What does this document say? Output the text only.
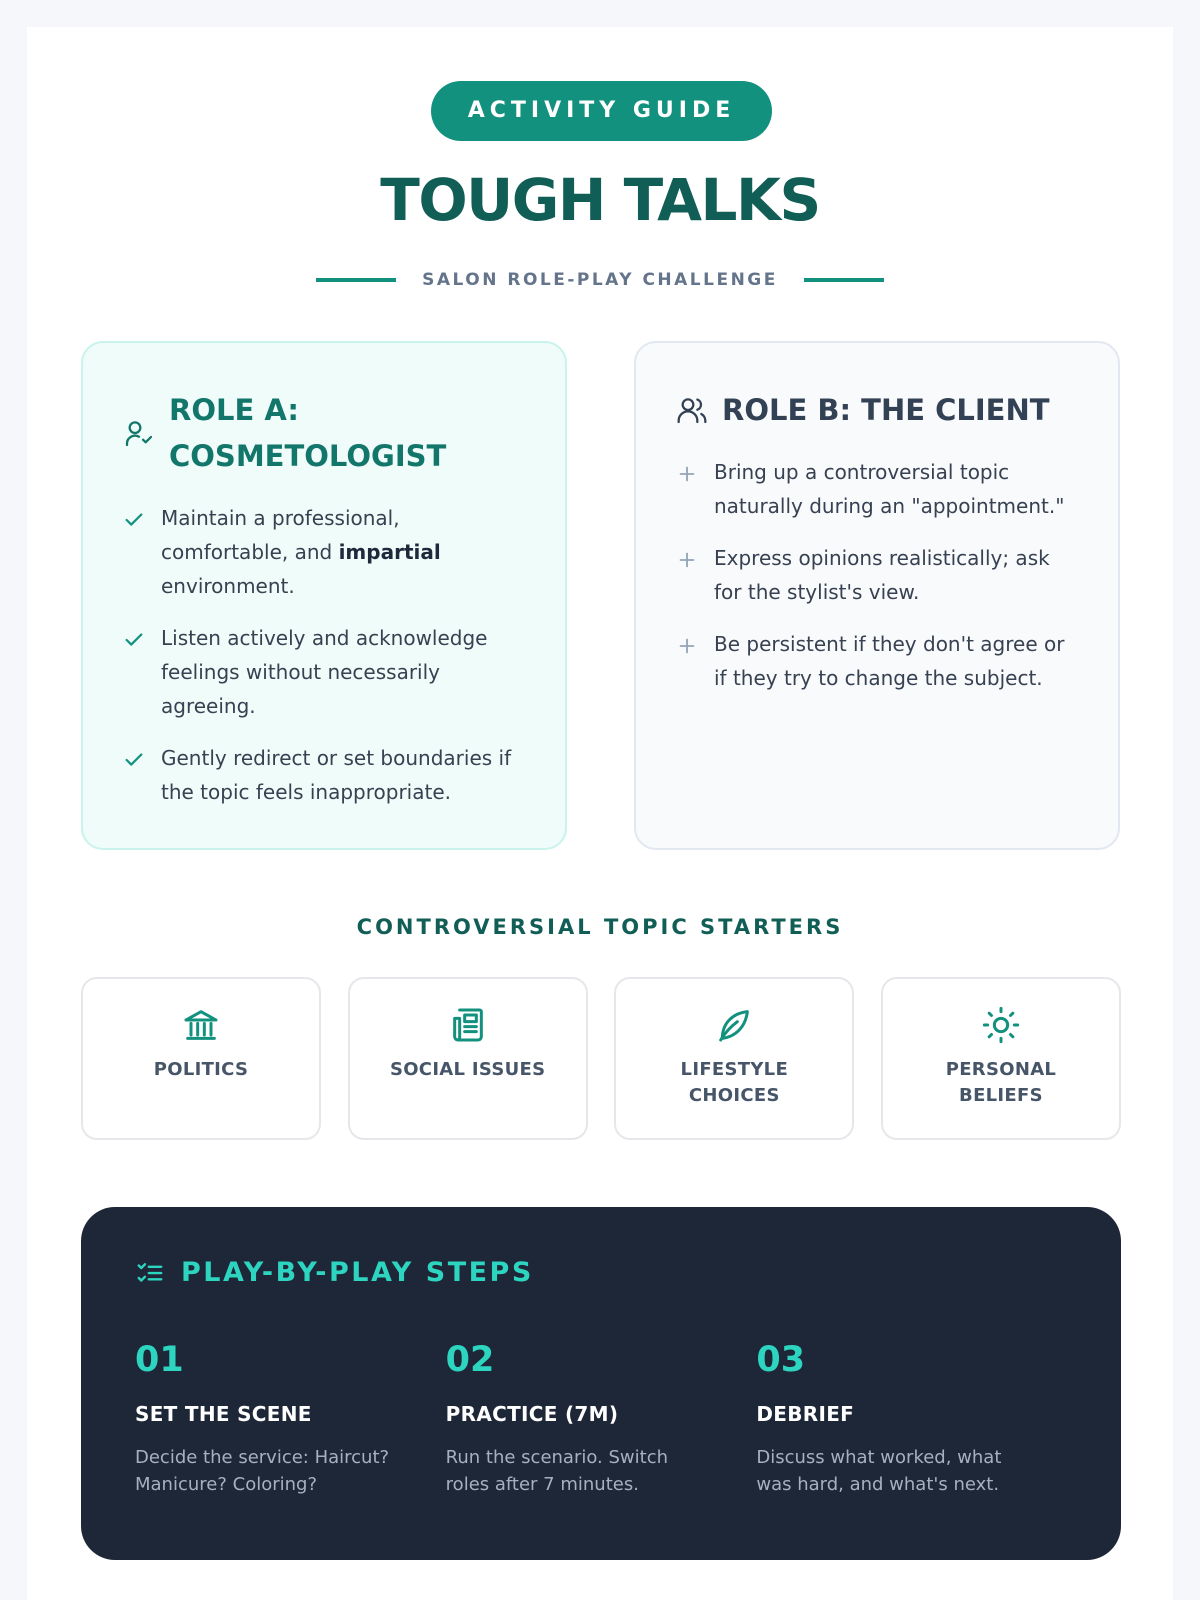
ACTIVITY GUIDE
TOUGH TALKS
SALON ROLE-PLAY CHALLENGE
ROLE A:
COSMETOLOGIST
Maintain a professional, comfortable, and impartial environment.
Listen actively and acknowledge feelings without necessarily agreeing.
Gently redirect or set boundaries if the topic feels inappropriate.
ROLE B: THE CLIENT
Bring up a controversial topic naturally during an "appointment."
Express opinions realistically; ask for the stylist's view.
Be persistent if they don't agree or if they try to change the subject.
CONTROVERSIAL TOPIC STARTERS
POLITICS	SOCIAL ISSUES	LIFESTYLE CHOICES
PERSONAL BELIEFS
PLAY-BY-PLAY STEPS
01
SET THE SCENE
Decide the service: Haircut? Manicure? Coloring?
02
PRACTICE (7M)
Run the scenario. Switch roles after 7 minutes.
03
DEBRIEF
Discuss what worked, what was hard, and what's next.
